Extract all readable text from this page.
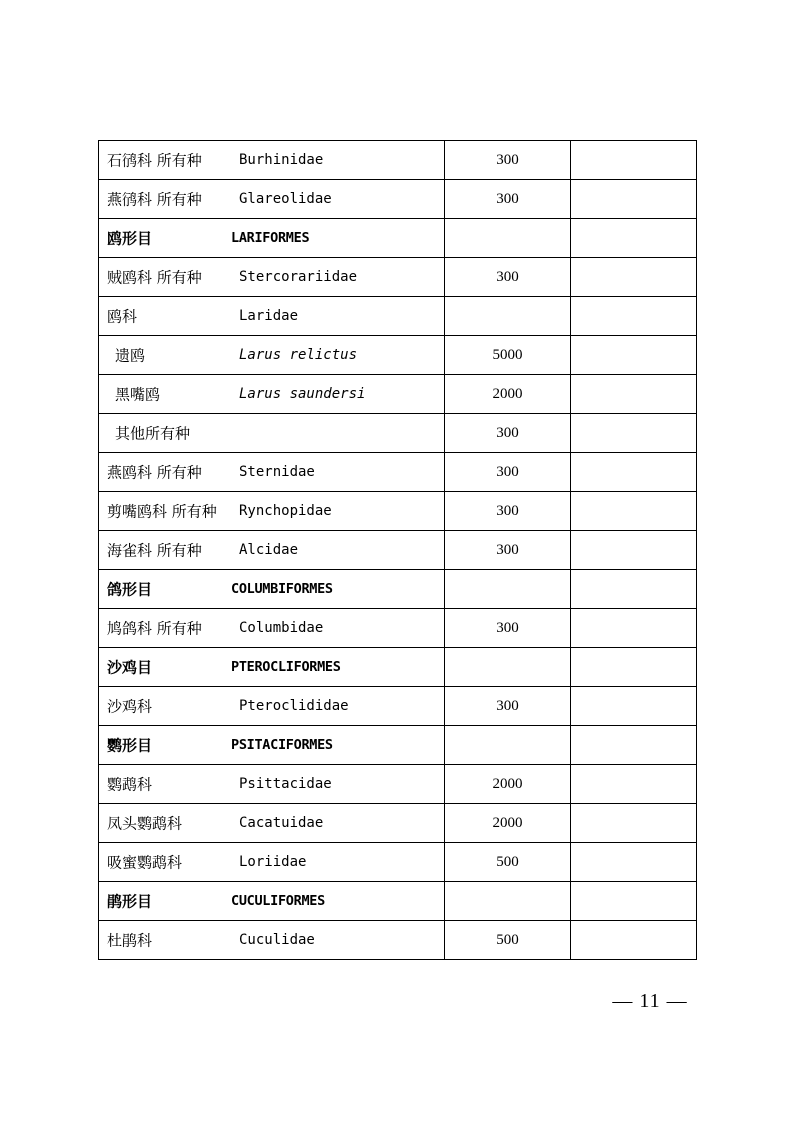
石鸻科 所有种 Burhinidae	300	

燕鸻科 所有种 Glareolidae	300	

鸥形目 LARIFORMES		

贼鸥科 所有种 Stercorariidae	300	

鸥科 Laridae		

遗鸥 Larus relictus	5000	

黑嘴鸥 Larus saundersi	2000	

其他所有种	300	

燕鸥科 所有种 Sternidae	300	

剪嘴鸥科 所有种 Rynchopidae	300	

海雀科 所有种 Alcidae	300	

鸽形目 COLUMBIFORMES		

鸠鸽科 所有种 Columbidae	300	

沙鸡目 PTEROCLIFORMES		

沙鸡科 Pteroclididae	300	

鹦形目 PSITACIFORMES		

鹦鹉科 Psittacidae	2000	

凤头鹦鹉科 Cacatuidae	2000	

吸蜜鹦鹉科 Loriidae	500	

鹃形目 CUCULIFORMES		

杜鹃科 Cuculidae	500	
— 11 —
